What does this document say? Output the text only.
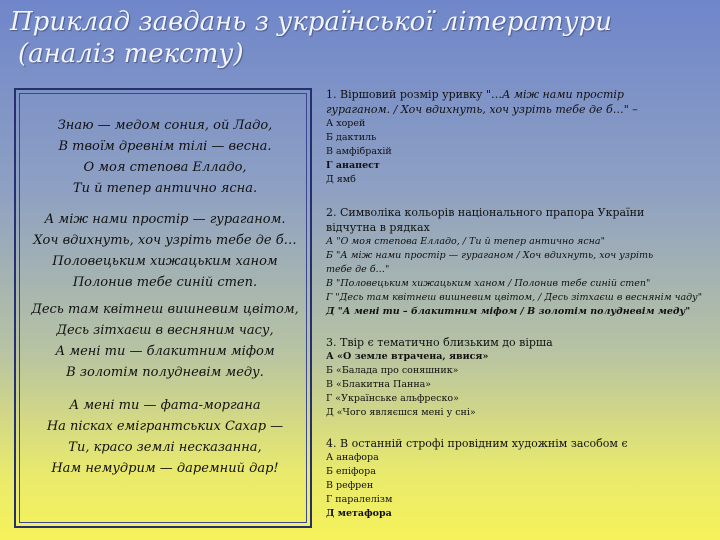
Приклад завдань з української літератури
(аналіз тексту)
Знаю — медом сония, ой Ладо,
В твоїм древнім тілі — весна.
О моя степова Елладо,
Ти й тепер антично ясна.
А між нами простір — гураганом.
Хоч вдихнуть, хоч узріть тебе де б…
Половецьким хижацьким ханом
Полонив тебе синій степ.
Десь там квітнеш вишневим цвітом,
Десь зітхаєш в весняним часу,
А мені ти — блакитним міфом
В золотім полудневім меду.
А мені ти — фата-моргана
На пісках емігрантських Сахар —
Ти, красо землі несказанна,
Нам немудрим — даремний дар!
1. Віршовий розмір уривку "…А між нами простір
гураганом. / Хоч вдихнуть, хоч узріть тебе де б…" –
А хорей
Б дактиль
В амфібрахій
Г анапест
Д ямб
2. Символіка кольорів національного прапора України
відчутна в рядках
А "О моя степова Елладо, / Ти й тепер антично ясна"
Б "А між нами простір — гураганом / Хоч вдихнуть, хоч узріть
тебе де б…"
В "Половецьким хижацьким ханом / Полонив тебе синій степ"
Г "Десь там квітнеш вишневим цвітом, / Десь зітхаєш в веснянім чаду"
Д "А мені ти – блакитним міфом / В золотім полудневім меду"
3. Твір є тематично близьким до вірша
А «О земле втрачена, явися»
Б «Балада про соняшник»
В «Блакитна Панна»
Г «Українське альфреско»
Д «Чого являєшся мені у сні»
4. В останній строфі провідним художнім засобом є
А анафора
Б епіфора
В рефрен
Г паралелізм
Д метафора
